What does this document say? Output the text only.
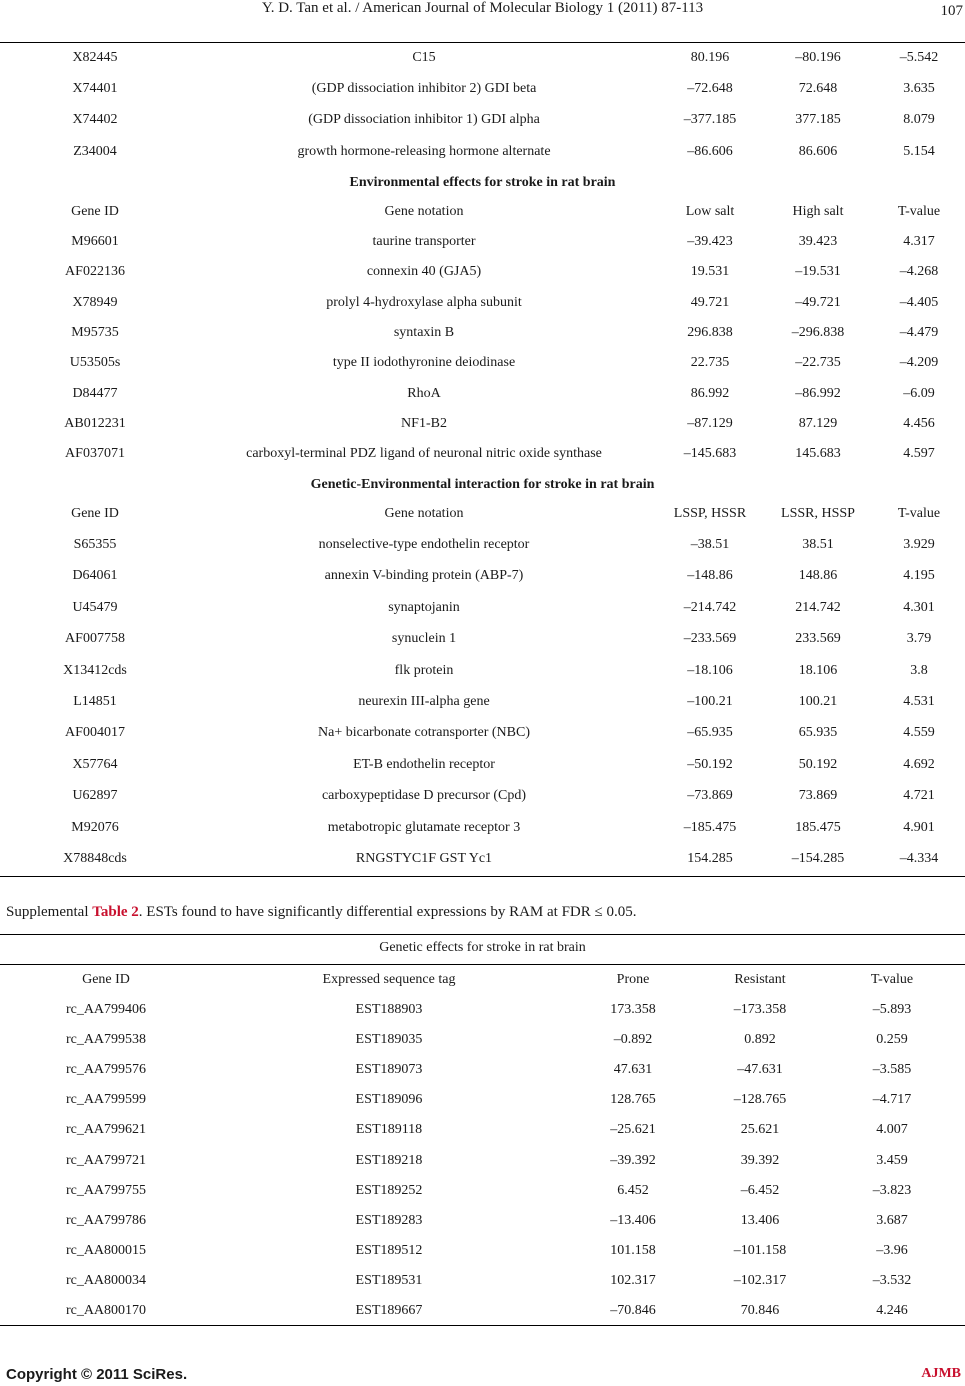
Y. D. Tan et al. / American Journal of Molecular Biology 1 (2011) 87-113	107
X82445	C15	80.196	–80.196	–5.542
X74401	(GDP dissociation inhibitor 2) GDI beta	–72.648	72.648	3.635
X74402	(GDP dissociation inhibitor 1) GDI alpha	–377.185	377.185	8.079
Z34004	growth hormone-releasing hormone alternate	–86.606	86.606	5.154
Environmental effects for stroke in rat brain
Gene ID	Gene notation	Low salt	High salt	T-value
M96601	taurine transporter	–39.423	39.423	4.317
AF022136	connexin 40 (GJA5)	19.531	–19.531	–4.268
X78949	prolyl 4-hydroxylase alpha subunit	49.721	–49.721	–4.405
M95735	syntaxin B	296.838	–296.838	–4.479
U53505s	type II iodothyronine deiodinase	22.735	–22.735	–4.209
D84477	RhoA	86.992	–86.992	–6.09
AB012231	NF1-B2	–87.129	87.129	4.456
AF037071	carboxyl-terminal PDZ ligand of neuronal nitric oxide synthase	–145.683	145.683	4.597
Genetic-Environmental interaction for stroke in rat brain
Gene ID	Gene notation	LSSP, HSSR	LSSR, HSSP	T-value
S65355	nonselective-type endothelin receptor	–38.51	38.51	3.929
D64061	annexin V-binding protein (ABP-7)	–148.86	148.86	4.195
U45479	synaptojanin	–214.742	214.742	4.301
AF007758	synuclein 1	–233.569	233.569	3.79
X13412cds	flk protein	–18.106	18.106	3.8
L14851	neurexin III-alpha gene	–100.21	100.21	4.531
AF004017	Na+ bicarbonate cotransporter (NBC)	–65.935	65.935	4.559
X57764	ET-B endothelin receptor	–50.192	50.192	4.692
U62897	carboxypeptidase D precursor (Cpd)	–73.869	73.869	4.721
M92076	metabotropic glutamate receptor 3	–185.475	185.475	4.901
X78848cds	RNGSTYC1F GST Yc1	154.285	–154.285	–4.334
Supplemental Table 2. ESTs found to have significantly differential expressions by RAM at FDR ≤ 0.05.
Genetic effects for stroke in rat brain
Gene ID	Expressed sequence tag	Prone	Resistant	T-value
rc_AA799406	EST188903	173.358	–173.358	–5.893
rc_AA799538	EST189035	–0.892	0.892	0.259
rc_AA799576	EST189073	47.631	–47.631	–3.585
rc_AA799599	EST189096	128.765	–128.765	–4.717
rc_AA799621	EST189118	–25.621	25.621	4.007
rc_AA799721	EST189218	–39.392	39.392	3.459
rc_AA799755	EST189252	6.452	–6.452	–3.823
rc_AA799786	EST189283	–13.406	13.406	3.687
rc_AA800015	EST189512	101.158	–101.158	–3.96
rc_AA800034	EST189531	102.317	–102.317	–3.532
rc_AA800170	EST189667	–70.846	70.846	4.246
Copyright © 2011 SciRes.	AJMB
